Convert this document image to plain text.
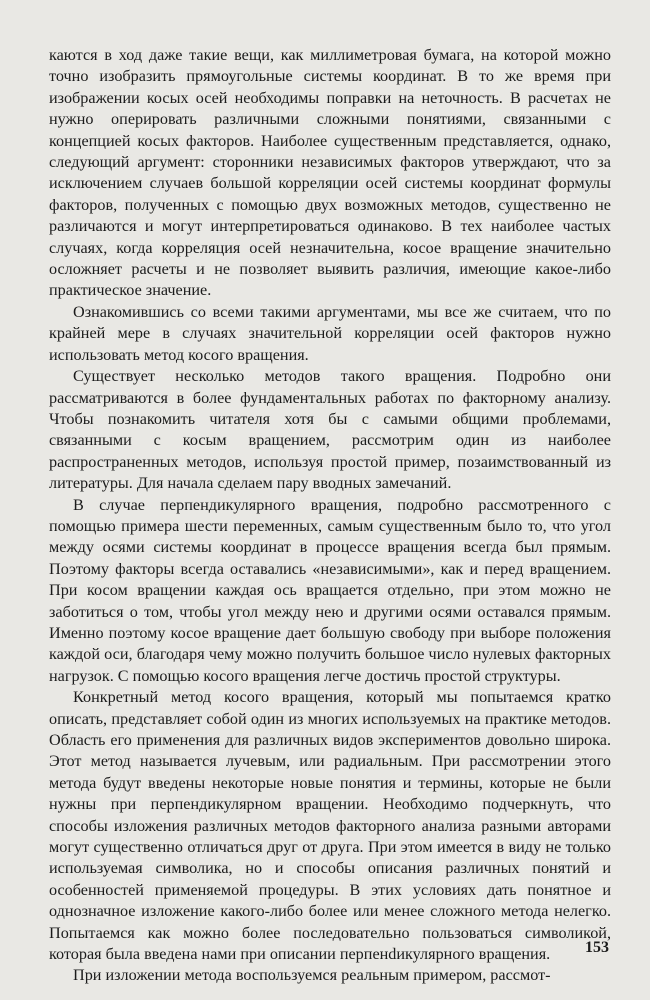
каются в ход даже такие вещи, как миллиметровая бумага, на которой можно точно изобразить прямоугольные системы координат. В то же время при изображении косых осей необходимы поправки на неточность. В расчетах не нужно оперировать различными сложными понятиями, связанными с концепцией косых факторов. Наиболее существенным представляется, однако, следующий аргумент: сторонники независимых факторов утверждают, что за исключением случаев большой корреляции осей системы координат формулы факторов, полученных с помощью двух возможных методов, существенно не различаются и могут интерпретироваться одинаково. В тех наиболее частых случаях, когда корреляция осей незначительна, косое вращение значительно осложняет расчеты и не позволяет выявить различия, имеющие какое-либо практическое значение.

Ознакомившись со всеми такими аргументами, мы все же считаем, что по крайней мере в случаях значительной корреляции осей факторов нужно использовать метод косого вращения.

Существует несколько методов такого вращения. Подробно они рассматриваются в более фундаментальных работах по факторному анализу. Чтобы познакомить читателя хотя бы с самыми общими проблемами, связанными с косым вращением, рассмотрим один из наиболее распространенных методов, используя простой пример, позаимствованный из литературы. Для начала сделаем пару вводных замечаний.

В случае перпендикулярного вращения, подробно рассмотренного с помощью примера шести переменных, самым существенным было то, что угол между осями системы координат в процессе вращения всегда был прямым. Поэтому факторы всегда оставались «независимыми», как и перед вращением. При косом вращении каждая ось вращается отдельно, при этом можно не заботиться о том, чтобы угол между нею и другими осями оставался прямым. Именно поэтому косое вращение дает большую свободу при выборе положения каждой оси, благодаря чему можно получить большое число нулевых факторных нагрузок. С помощью косого вращения легче достичь простой структуры.

Конкретный метод косого вращения, который мы попытаемся кратко описать, представляет собой один из многих используемых на практике методов. Область его применения для различных видов экспериментов довольно широка. Этот метод называется лучевым, или радиальным. При рассмотрении этого метода будут введены некоторые новые понятия и термины, которые не были нужны при перпендикулярном вращении. Необходимо подчеркнуть, что способы изложения различных методов факторного анализа разными авторами могут существенно отличаться друг от друга. При этом имеется в виду не только используемая символика, но и способы описания различных понятий и особенностей применяемой процедуры. В этих условиях дать понятное и однозначное изложение какого-либо более или менее сложного метода нелегко. Попытаемся как можно более последовательно пользоваться символикой, которая была введена нами при описании перпенdикулярного вращения.

При изложении метода воспользуемся реальным примером, рассмот-

153
